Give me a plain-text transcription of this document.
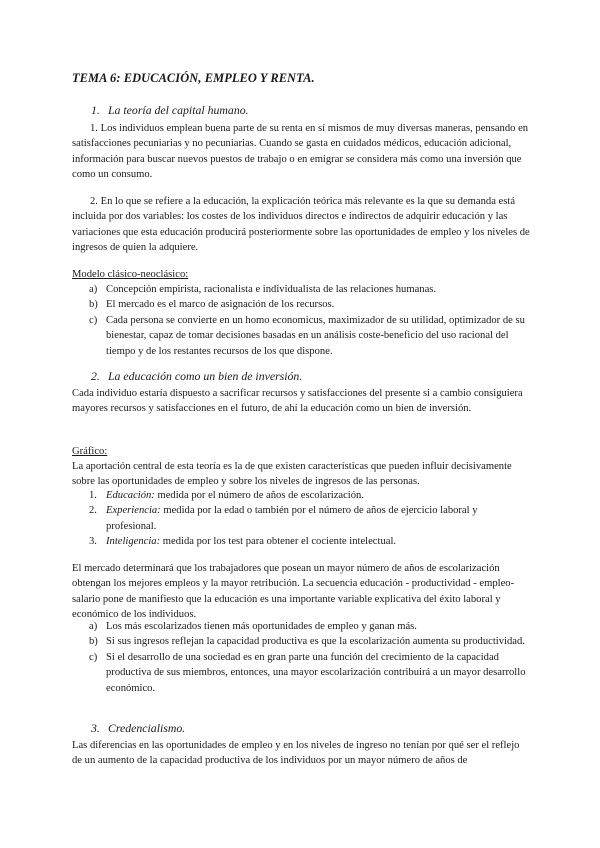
TEMA 6: EDUCACIÓN, EMPLEO Y RENTA.
1. La teoría del capital humano.

1. Los individuos emplean buena parte de su renta en sí mismos de muy diversas maneras, pensando en satisfacciones pecuniarias y no pecuniarias. Cuando se gasta en cuidados médicos, educación adicional, información para buscar nuevos puestos de trabajo o en emigrar se considera más como una inversión que como un consumo.

2. En lo que se refiere a la educación, la explicación teórica más relevante es la que su demanda está incluida por dos variables: los costes de los individuos directos e indirectos de adquirir educación y las variaciones que esta educación producirá posteriormente sobre las oportunidades de empleo y los niveles de ingresos de quien la adquiere.

Modelo clásico-neoclásico:
a) Concepción empirista, racionalista e individualista de las relaciones humanas.
b) El mercado es el marco de asignación de los recursos.
c) Cada persona se convierte en un homo economicus, maximizador de su utilidad, optimizador de su bienestar, capaz de tomar decisiones basadas en un análisis coste-beneficio del uso racional del tiempo y de los restantes recursos de los que dispone.
2. La educación como un bien de inversión.

Cada individuo estaría dispuesto a sacrificar recursos y satisfacciones del presente si a cambio consiguiera mayores recursos y satisfacciones en el futuro, de ahí la educación como un bien de inversión.

Gráfico:

La aportación central de esta teoría es la de que existen características que pueden influir decisivamente sobre las oportunidades de empleo y sobre los niveles de ingresos de las personas.

1. Educación: medida por el número de años de escolarización.
2. Experiencia: medida por la edad o también por el número de años de ejercicio laboral y profesional.
3. Inteligencia: medida por los test para obtener el cociente intelectual.

El mercado determinará que los trabajadores que posean un mayor número de años de escolarización obtengan los mejores empleos y la mayor retribución. La secuencia educación - productividad - empleo-salario pone de manifiesto que la educación es una importante variable explicativa del éxito laboral y económico de los individuos.

a) Los más escolarizados tienen más oportunidades de empleo y ganan más.
b) Si sus ingresos reflejan la capacidad productiva es que la escolarización aumenta su productividad.
c) Si el desarrollo de una sociedad es en gran parte una función del crecimiento de la capacidad productiva de sus miembros, entonces, una mayor escolarización contribuirá a un mayor desarrollo económico.
3. Credencialismo.

Las diferencias en las oportunidades de empleo y en los niveles de ingreso no tenían por qué ser el reflejo de un aumento de la capacidad productiva de los individuos por un mayor número de años de
